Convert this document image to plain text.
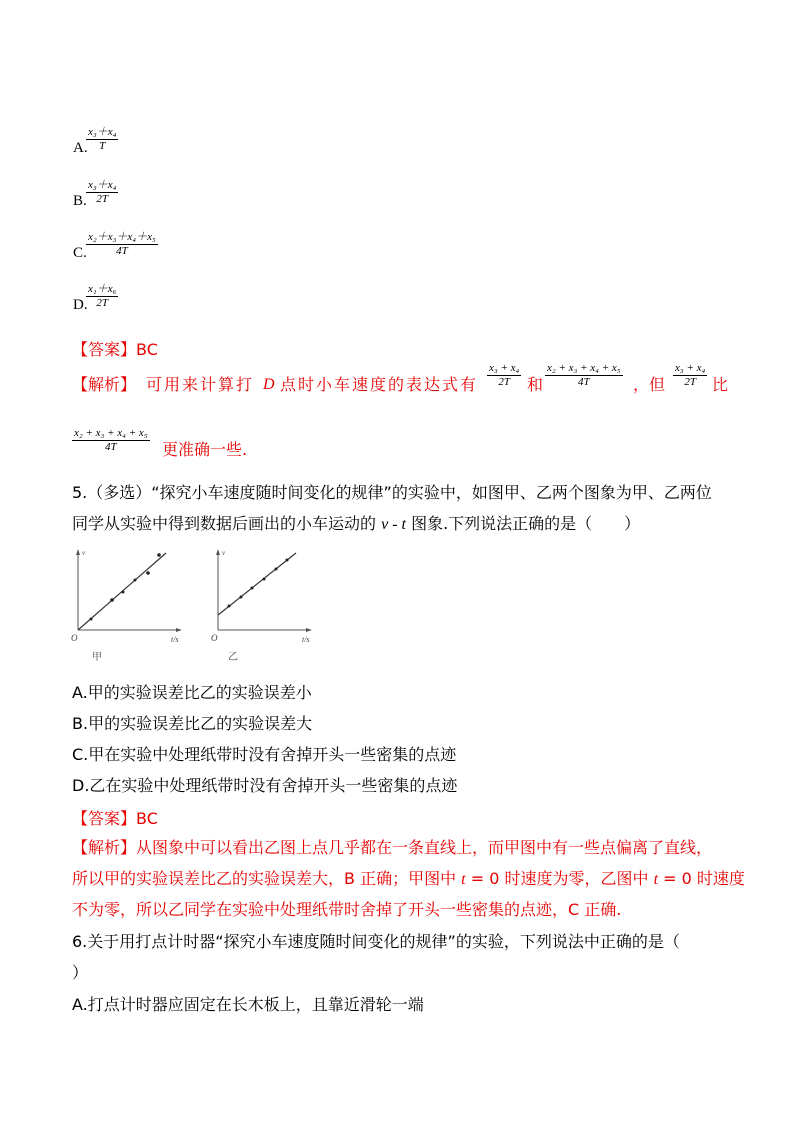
A.
$\frac{\text{x₃＋x₄}}{T}$
B. $\frac{\text{x₃＋x₄}}{2T}$
C. $\frac{\text{x₂＋x₃＋x₄＋x₅}}{4T}$
D.
$\frac{\text{x₁＋x₆}}{2T}$
【答案】BC
【解析】 可用来计算打 D 点时小车速度的表达式有 $\frac{\text{x₃ + x₄}}{2T}$ 和 $\frac{\text{x₂ + x₃ + x₄ + x₅}}{4T}$ ，但 $\frac{\text{x₃ + x₄}}{2T}$ 比
$\frac{\text{x₂ + x₃ + x₄ + x₅}}{4T}$ 更准确一些.
5.（多选）“探究小车速度随时间变化的规律”的实验中，如图甲、乙两个图象为甲、乙两位
同学从实验中得到数据后画出的小车运动的 v - t 图象.下列说法正确的是（　　）
v
O	t/s
甲
v
O	t/s
乙
A.甲的实验误差比乙的实验误差小
B.甲的实验误差比乙的实验误差大
C.甲在实验中处理纸带时没有舍掉开头一些密集的点迹
D.乙在实验中处理纸带时没有舍掉开头一些密集的点迹
【答案】BC
【解析】从图象中可以看出乙图上点几乎都在一条直线上，而甲图中有一些点偏离了直线，
所以甲的实验误差比乙的实验误差大，B 正确；甲图中 t = 0 时速度为零，乙图中 t = 0 时速度
不为零，所以乙同学在实验中处理纸带时舍掉了开头一些密集的点迹，C 正确.
6.关于用打点计时器“探究小车速度随时间变化的规律”的实验，下列说法中正确的是（
）
A.打点计时器应固定在长木板上，且靠近滑轮一端
